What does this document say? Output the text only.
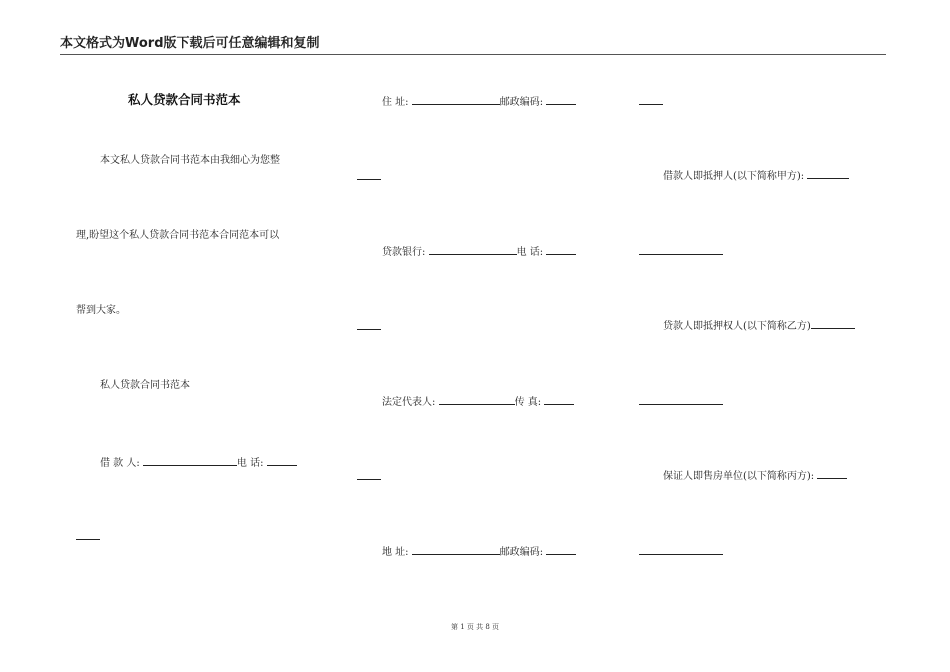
本文格式为Word版下载后可任意编辑和复制
私人贷款合同书范本
本文私人贷款合同书范本由我细心为您整
理,盼望这个私人贷款合同书范本合同范本可以
帮到大家。
私人贷款合同书范本
借 款 人:	电 话:
住 址:	邮政编码:
贷款银行:	电 话:
法定代表人:	传 真:
地 址:	邮政编码:
借款人即抵押人(以下简称甲方):
贷款人即抵押权人(以下简称乙方)
保证人即售房单位(以下简称丙方):
第 1 页 共 8 页
